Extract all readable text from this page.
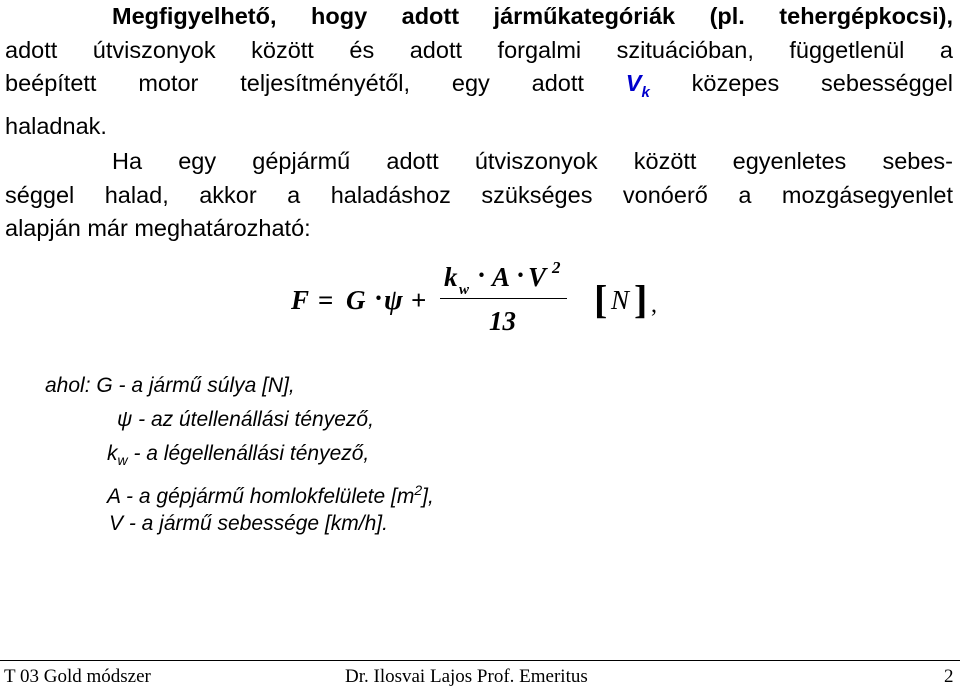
Megfigyelhető, hogy adott járműkategóriák (pl. tehergépkocsi),
adott útviszonyok között és adott forgalmi szituációban, függetlenül a
beépített motor teljesítményétől, egy adott $V_k$ közepes sebességgel
haladnak.
Ha egy gépjármű adott útviszonyok között egyenletes sebes-
séggel halad, akkor a haladáshoz szükséges vonóerő a mozgásegyenlet
alapján már meghatározható:
F = G · ψ +
k w · A · V 2
13 [ N ] ,
ahol: G - a jármű súlya [N],
ψ - az útellenállási tényező,
$k_w$ - a légellenállási tényező,
A - a gépjármű homlokfelülete $[m^2]$,
V - a jármű sebessége [km/h].
T 03 Gold módszer	Dr. Ilosvai Lajos Prof. Emeritus	2
